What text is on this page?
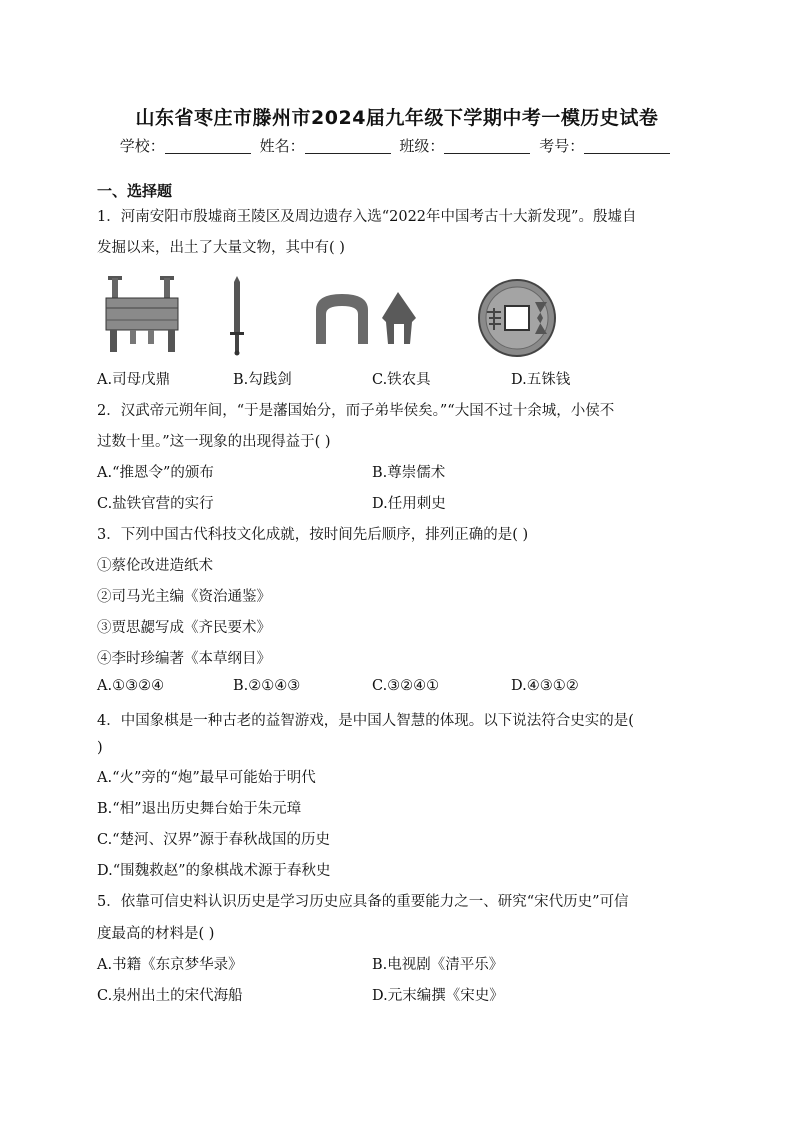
山东省枣庄市滕州市2024届九年级下学期中考一模历史试卷
学校：	姓名：	班级：	考号：
一、选择题
1．河南安阳市殷墟商王陵区及周边遗存入选“2022年中国考古十大新发现”。殷墟自
发掘以来，出土了大量文物，其中有( )
A.司母戊鼎	B.勾践剑	C.铁农具	D.五铢钱
2．汉武帝元朔年间，“于是藩国始分，而子弟毕侯矣。”“大国不过十余城，小侯不
过数十里。”这一现象的出现得益于( )
A.“推恩令”的颁布	B.尊崇儒术
C.盐铁官营的实行	D.任用刺史
3．下列中国古代科技文化成就，按时间先后顺序，排列正确的是( )
①蔡伦改进造纸术
②司马光主编《资治通鉴》
③贾思勰写成《齐民要术》
④李时珍编著《本草纲目》
A.①③②④	B.②①④③	C.③②④①	D.④③①②
4．中国象棋是一种古老的益智游戏，是中国人智慧的体现。以下说法符合史实的是(
)
A.“火”旁的“炮”最早可能始于明代
B.“相”退出历史舞台始于朱元璋
C.“楚河、汉界”源于春秋战国的历史
D.“围魏救赵”的象棋战术源于春秋史
5．依靠可信史料认识历史是学习历史应具备的重要能力之一、研究“宋代历史”可信
度最高的材料是( )
A.书籍《东京梦华录》	B.电视剧《清平乐》
C.泉州出土的宋代海船	D.元末编撰《宋史》
